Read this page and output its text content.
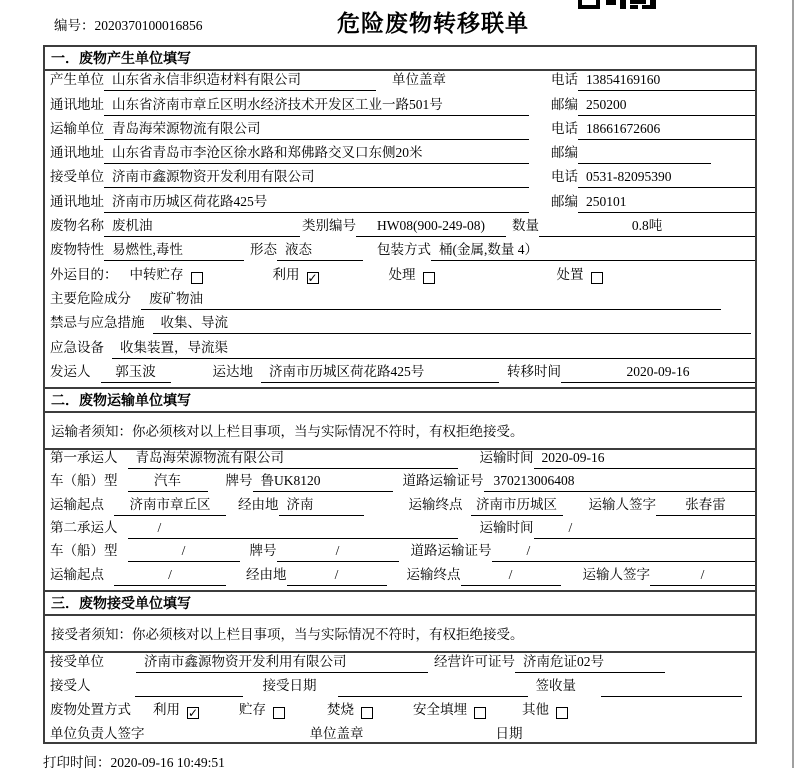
编号：2020370100016856	危险废物转移联单
一．废物产生单位填写
产生单位 山东省永信非织造材料有限公司	单位盖章	电话 13854169160
通讯地址 山东省济南市章丘区明水经济技术开发区工业一路501号	邮编 250200
运输单位 青岛海荣源物流有限公司	电话 18661672606
通讯地址 山东省青岛市李沧区徐水路和郑佛路交叉口东侧20米	邮编
接受单位 济南市鑫源物资开发利用有限公司	电话 0531-82095390
通讯地址 济南市历城区荷花路425号	邮编 250101
废物名称 废机油	类别编号	HW08(900-249-08)	数量	0.8吨
废物特性 易燃性,毒性	形态 液态	包装方式 桶(金属,数量 4）
外运目的： 中转贮存	利用 ✓	处理	处置
主要危险成分	废矿物油
禁忌与应急措施	收集、导流
应急设备	收集装置，导流渠
发运人	郭玉波	运达地	济南市历城区荷花路425号	转移时间	2020-09-16
二．废物运输单位填写
运输者须知：你必须核对以上栏目事项，当与实际情况不符时，有权拒绝接受。
第一承运人	青岛海荣源物流有限公司	运输时间 2020-09-16
车（船）型	汽车	牌号 鲁UK8120	道路运输证号 370213006408
运输起点	济南市章丘区	经由地 济南	运输终点	济南市历城区	运输人签字	张春雷
第二承运人	/	运输时间	/
车（船）型	/	牌号	/	道路运输证号	/
运输起点	/	经由地	/	运输终点	/	运输人签字	/
三．废物接受单位填写
接受者须知：你必须核对以上栏目事项，当与实际情况不符时，有权拒绝接受。
接受单位	济南市鑫源物资开发利用有限公司	经营许可证号 济南危证02号
接受人	接受日期	签收量
废物处置方式 利用 ✓	贮存	焚烧	安全填埋	其他
单位负责人签字	单位盖章	日期
打印时间：2020-09-16 10:49:51
